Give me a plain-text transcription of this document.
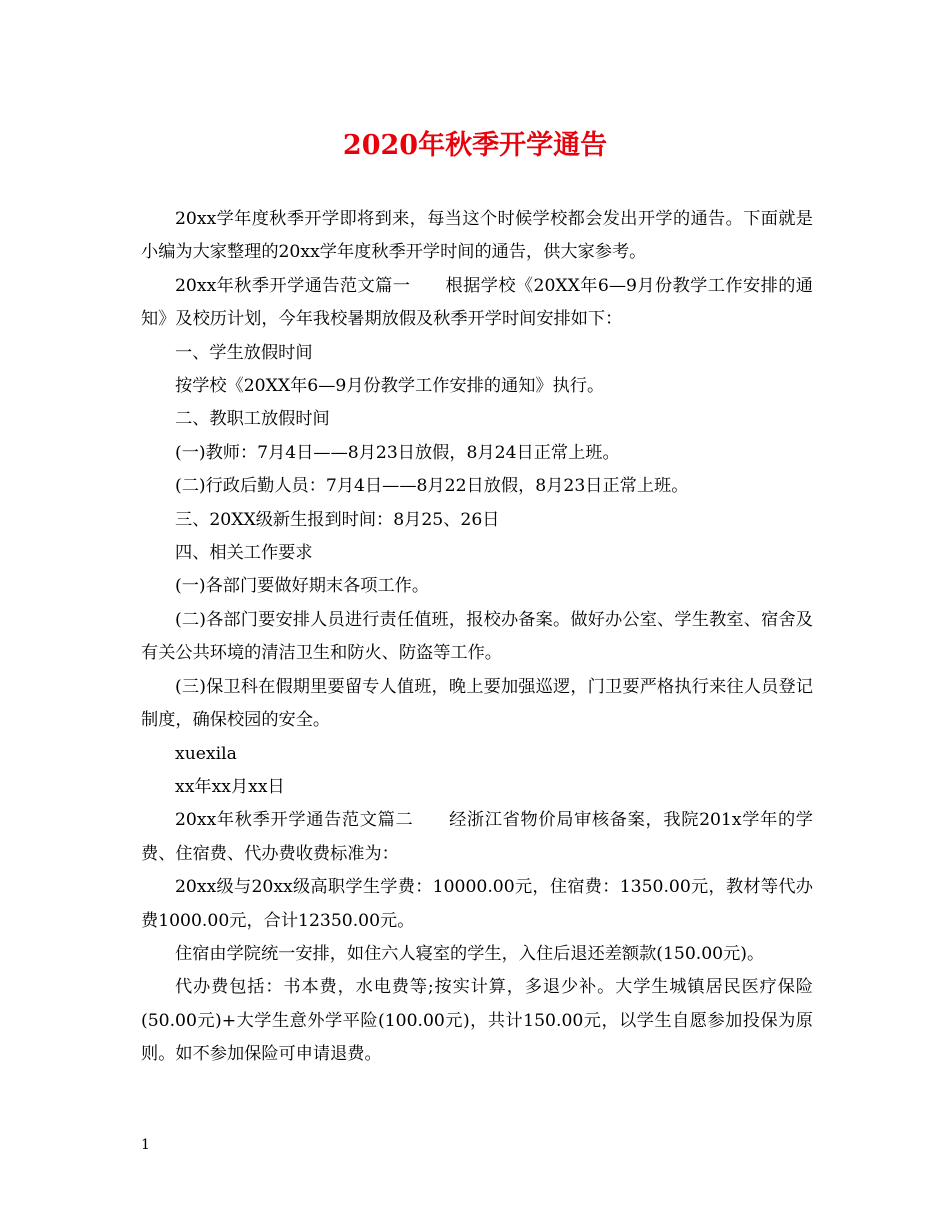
2020年秋季开学通告

20xx学年度秋季开学即将到来，每当这个时候学校都会发出开学的通告。下面就是小编为大家整理的20xx学年度秋季开学时间的通告，供大家参考。

20xx年秋季开学通告范文篇一　　根据学校《20XX年6—9月份教学工作安排的通知》及校历计划，今年我校暑期放假及秋季开学时间安排如下：

一、学生放假时间

按学校《20XX年6—9月份教学工作安排的通知》执行。

二、教职工放假时间

(一)教师：7月4日——8月23日放假，8月24日正常上班。

(二)行政后勤人员：7月4日——8月22日放假，8月23日正常上班。

三、20XX级新生报到时间：8月25、26日

四、相关工作要求

(一)各部门要做好期末各项工作。

(二)各部门要安排人员进行责任值班，报校办备案。做好办公室、学生教室、宿舍及有关公共环境的清洁卫生和防火、防盗等工作。

(三)保卫科在假期里要留专人值班，晚上要加强巡逻，门卫要严格执行来往人员登记制度，确保校园的安全。

xuexila

xx年xx月xx日

20xx年秋季开学通告范文篇二　　经浙江省物价局审核备案，我院201x学年的学费、住宿费、代办费收费标准为：

20xx级与20xx级高职学生学费：10000.00元，住宿费：1350.00元，教材等代办费1000.00元，合计12350.00元。

住宿由学院统一安排，如住六人寝室的学生，入住后退还差额款(150.00元)。

代办费包括：书本费，水电费等;按实计算，多退少补。大学生城镇居民医疗保险(50.00元)+大学生意外学平险(100.00元)，共计150.00元，以学生自愿参加投保为原则。如不参加保险可申请退费。

1
